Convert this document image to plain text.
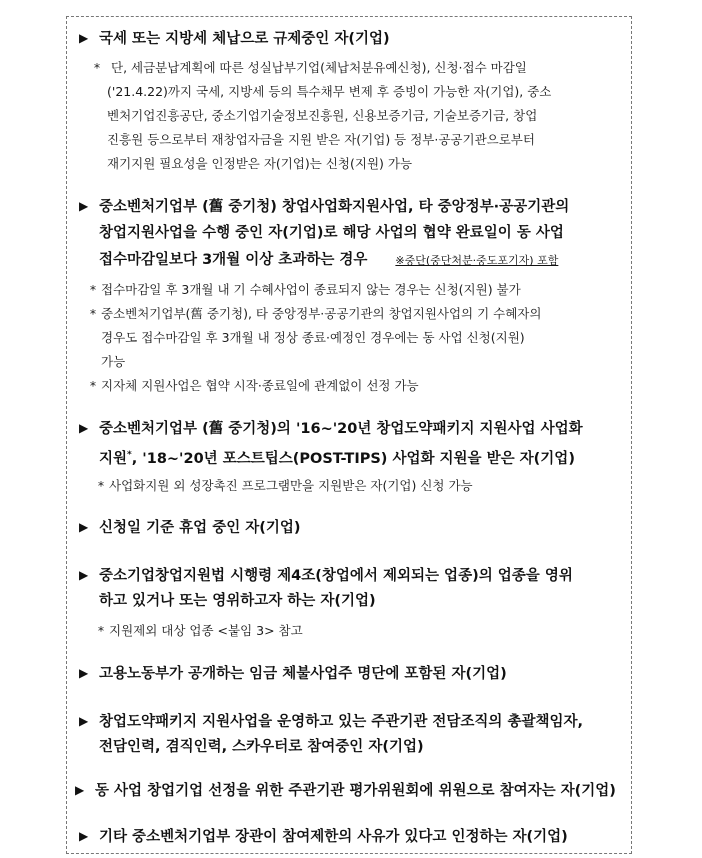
▶ 국세 또는 지방세 체납으로 규제중인 자(기업)
* 단, 세금분납계획에 따른 성실납부기업(체납처분유예신청), 신청·접수 마감일
('21.4.22)까지 국세, 지방세 등의 특수채무 변제 후 증빙이 가능한 자(기업), 중소
벤처기업진흥공단, 중소기업기술정보진흥원, 신용보증기금, 기술보증기금, 창업
진흥원 등으로부터 재창업자금을 지원 받은 자(기업) 등 정부·공공기관으로부터
재기지원 필요성을 인정받은 자(기업)는 신청(지원) 가능
▶ 중소벤처기업부 (舊 중기청) 창업사업화지원사업, 타 중앙정부·공공기관의
창업지원사업을 수행 중인 자(기업)로 해당 사업의 협약 완료일이 동 사업
접수마감일보다 3개월 이상 초과하는 경우	※중단(중단처분·중도포기자) 포함
* 접수마감일 후 3개월 내 기 수혜사업이 종료되지 않는 경우는 신청(지원) 불가
* 중소벤처기업부(舊 중기청), 타 중앙정부·공공기관의 창업지원사업의 기 수혜자의
경우도 접수마감일 후 3개월 내 정상 종료·예정인 경우에는 동 사업 신청(지원)
가능
* 지자체 지원사업은 협약 시작·종료일에 관계없이 선정 가능
▶ 중소벤처기업부 (舊 중기청)의 '16~'20년 창업도약패키지 지원사업 사업화
지원*, '18~'20년 포스트팁스(POST-TIPS) 사업화 지원을 받은 자(기업)
* 사업화지원 외 성장촉진 프로그램만을 지원받은 자(기업) 신청 가능
▶ 신청일 기준 휴업 중인 자(기업)
▶ 중소기업창업지원법 시행령 제4조(창업에서 제외되는 업종)의 업종을 영위
하고 있거나 또는 영위하고자 하는 자(기업)
* 지원제외 대상 업종 <붙임 3> 참고
▶ 고용노동부가 공개하는 임금 체불사업주 명단에 포함된 자(기업)
▶ 창업도약패키지 지원사업을 운영하고 있는 주관기관 전담조직의 총괄책임자,
전담인력, 겸직인력, 스카우터로 참여중인 자(기업)
▶ 동 사업 창업기업 선정을 위한 주관기관 평가위원회에 위원으로 참여자는 자(기업)
▶ 기타 중소벤처기업부 장관이 참여제한의 사유가 있다고 인정하는 자(기업)
